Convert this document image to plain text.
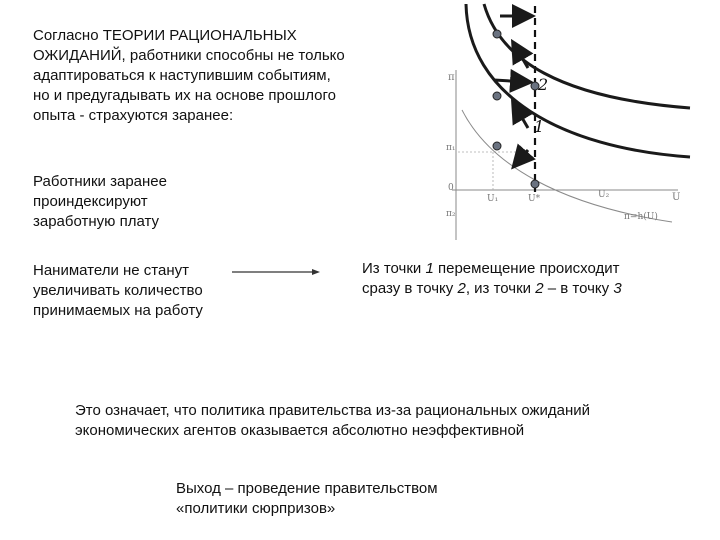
Согласно ТЕОРИИ РАЦИОНАЛЬНЫХ
ОЖИДАНИЙ, работники способны не только
адаптироваться к наступившим событиям,
но и предугадывать их на основе прошлого
опыта - страхуются заранее:

Работники заранее
проиндексируют
заработную плату

Наниматели не станут
увеличивать количество
принимаемых на работу

Из точки 1 перемещение происходит
сразу в точку 2, из точки 2 – в точку 3

Это означает, что политика правительства из-за рациональных ожиданий
экономических агентов оказывается абсолютно неэффективной

Выход – проведение правительством
«политики сюрпризов»

π
U
π₁
0
π₂
U₁	U*	U₂
π=h(U)
2
1
